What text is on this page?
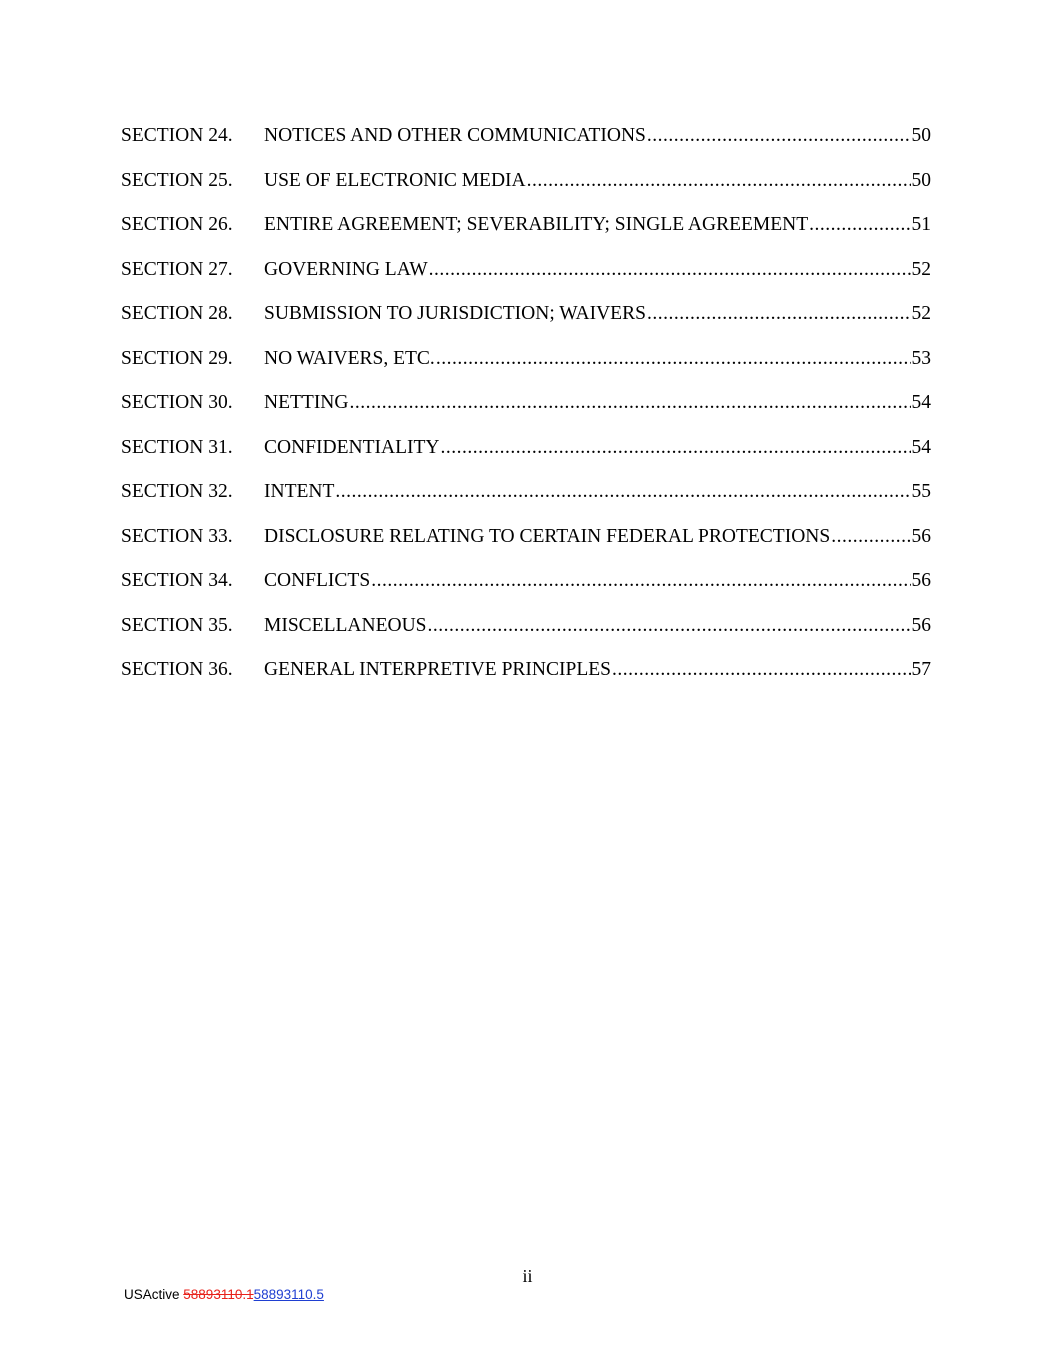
SECTION 24.	NOTICES AND OTHER COMMUNICATIONS .....	50
SECTION 25.	USE OF ELECTRONIC MEDIA .....	50
SECTION 26.	ENTIRE AGREEMENT; SEVERABILITY; SINGLE AGREEMENT .....	51
SECTION 27.	GOVERNING LAW .....	52
SECTION 28.	SUBMISSION TO JURISDICTION; WAIVERS .....	52
SECTION 29.	NO WAIVERS, ETC. .....	53
SECTION 30.	NETTING .....	54
SECTION 31.	CONFIDENTIALITY .....	54
SECTION 32.	INTENT .....	55
SECTION 33.	DISCLOSURE RELATING TO CERTAIN FEDERAL PROTECTIONS .....	56
SECTION 34.	CONFLICTS .....	56
SECTION 35.	MISCELLANEOUS .....	56
SECTION 36.	GENERAL INTERPRETIVE PRINCIPLES .....	57
ii
USActive 58893110.158893110.5
